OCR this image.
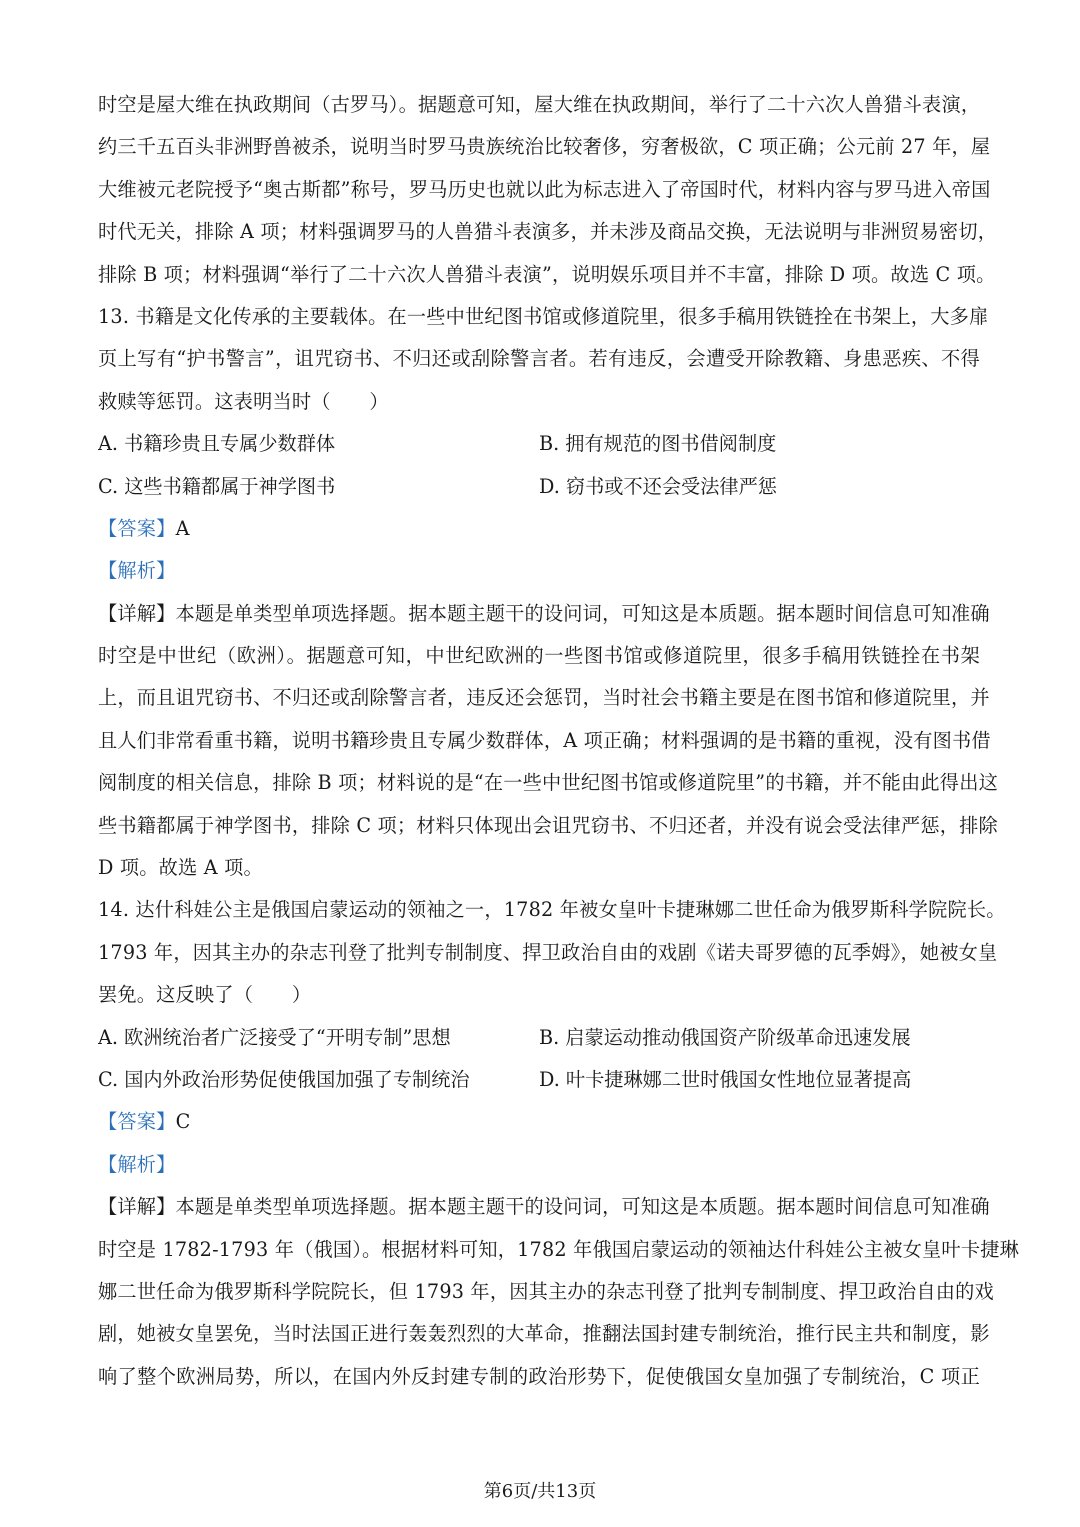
时空是屋大维在执政期间（古罗马）。据题意可知，屋大维在执政期间，举行了二十六次人兽猎斗表演，
约三千五百头非洲野兽被杀，说明当时罗马贵族统治比较奢侈，穷奢极欲，C 项正确；公元前 27 年，屋
大维被元老院授予“奥古斯都”称号，罗马历史也就以此为标志进入了帝国时代，材料内容与罗马进入帝国
时代无关，排除 A 项；材料强调罗马的人兽猎斗表演多，并未涉及商品交换，无法说明与非洲贸易密切，
排除 B 项；材料强调“举行了二十六次人兽猎斗表演”，说明娱乐项目并不丰富，排除 D 项。故选 C 项。
13. 书籍是文化传承的主要载体。在一些中世纪图书馆或修道院里，很多手稿用铁链拴在书架上，大多扉
页上写有“护书警言”，诅咒窃书、不归还或刮除警言者。若有违反，会遭受开除教籍、身患恶疾、不得
救赎等惩罚。这表明当时（　　）
A. 书籍珍贵且专属少数群体	B. 拥有规范的图书借阅制度
C. 这些书籍都属于神学图书	D. 窃书或不还会受法律严惩
【答案】A
【解析】
【详解】本题是单类型单项选择题。据本题主题干的设问词，可知这是本质题。据本题时间信息可知准确
时空是中世纪（欧洲）。据题意可知，中世纪欧洲的一些图书馆或修道院里，很多手稿用铁链拴在书架
上，而且诅咒窃书、不归还或刮除警言者，违反还会惩罚，当时社会书籍主要是在图书馆和修道院里，并
且人们非常看重书籍，说明书籍珍贵且专属少数群体，A 项正确；材料强调的是书籍的重视，没有图书借
阅制度的相关信息，排除 B 项；材料说的是“在一些中世纪图书馆或修道院里”的书籍，并不能由此得出这
些书籍都属于神学图书，排除 C 项；材料只体现出会诅咒窃书、不归还者，并没有说会受法律严惩，排除
D 项。故选 A 项。
14. 达什科娃公主是俄国启蒙运动的领袖之一，1782 年被女皇叶卡捷琳娜二世任命为俄罗斯科学院院长。
1793 年，因其主办的杂志刊登了批判专制制度、捍卫政治自由的戏剧《诺夫哥罗德的瓦季姆》，她被女皇
罢免。这反映了（　　）
A. 欧洲统治者广泛接受了“开明专制”思想	B. 启蒙运动推动俄国资产阶级革命迅速发展
C. 国内外政治形势促使俄国加强了专制统治	D. 叶卡捷琳娜二世时俄国女性地位显著提高
【答案】C
【解析】
【详解】本题是单类型单项选择题。据本题主题干的设问词，可知这是本质题。据本题时间信息可知准确
时空是 1782-1793 年（俄国）。根据材料可知，1782 年俄国启蒙运动的领袖达什科娃公主被女皇叶卡捷琳
娜二世任命为俄罗斯科学院院长，但 1793 年，因其主办的杂志刊登了批判专制制度、捍卫政治自由的戏
剧，她被女皇罢免，当时法国正进行轰轰烈烈的大革命，推翻法国封建专制统治，推行民主共和制度，影
响了整个欧洲局势，所以，在国内外反封建专制的政治形势下，促使俄国女皇加强了专制统治，C 项正
第6页/共13页
